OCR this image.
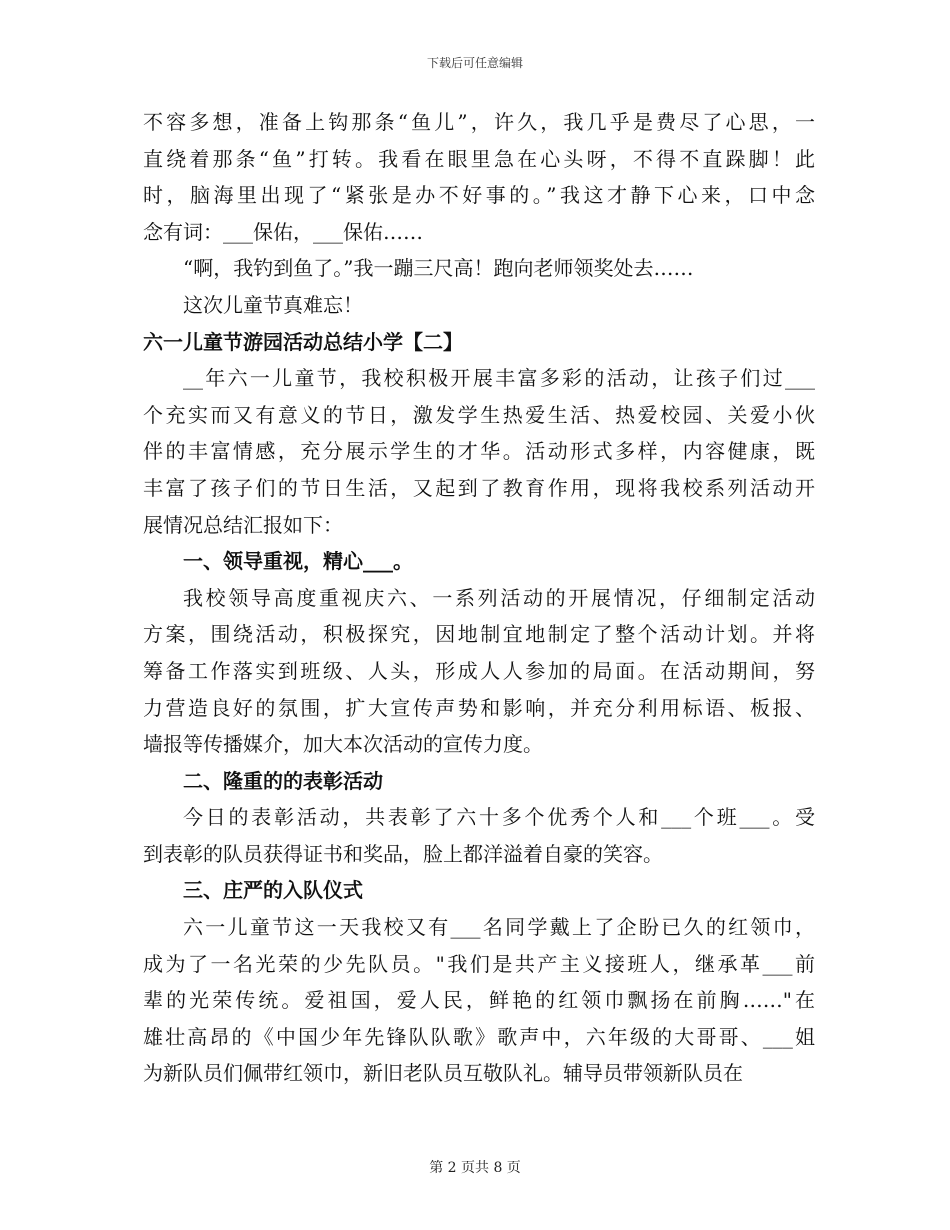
下载后可任意编辑

不容多想，准备上钩那条“鱼儿”，许久，我几乎是费尽了心思，一
直绕着那条“鱼”打转。我看在眼里急在心头呀，不得不直跺脚！此
时，脑海里出现了“紧张是办不好事的。”我这才静下心来，口中念
念有词：___保佑，___保佑……

“啊，我钓到鱼了。”我一蹦三尺高！跑向老师领奖处去……

这次儿童节真难忘！

六一儿童节游园活动总结小学【二】

__年六一儿童节，我校积极开展丰富多彩的活动，让孩子们过___
个充实而又有意义的节日，激发学生热爱生活、热爱校园、关爱小伙
伴的丰富情感，充分展示学生的才华。活动形式多样，内容健康，既
丰富了孩子们的节日生活，又起到了教育作用，现将我校系列活动开
展情况总结汇报如下：

一、领导重视，精心___。

我校领导高度重视庆六、一系列活动的开展情况，仔细制定活动
方案，围绕活动，积极探究，因地制宜地制定了整个活动计划。并将
筹备工作落实到班级、人头，形成人人参加的局面。在活动期间，努
力营造良好的氛围，扩大宣传声势和影响，并充分利用标语、板报、
墙报等传播媒介，加大本次活动的宣传力度。

二、隆重的的表彰活动

今日的表彰活动，共表彰了六十多个优秀个人和___个班___。受
到表彰的队员获得证书和奖品，脸上都洋溢着自豪的笑容。

三、庄严的入队仪式

六一儿童节这一天我校又有___名同学戴上了企盼已久的红领巾，
成为了一名光荣的少先队员。"我们是共产主义接班人，继承革___前
辈的光荣传统。爱祖国，爱人民，鲜艳的红领巾飘扬在前胸……"在
雄壮高昂的《中国少年先锋队队歌》歌声中，六年级的大哥哥、___姐
为新队员们佩带红领巾，新旧老队员互敬队礼。辅导员带领新队员在

第 2 页共 8 页
